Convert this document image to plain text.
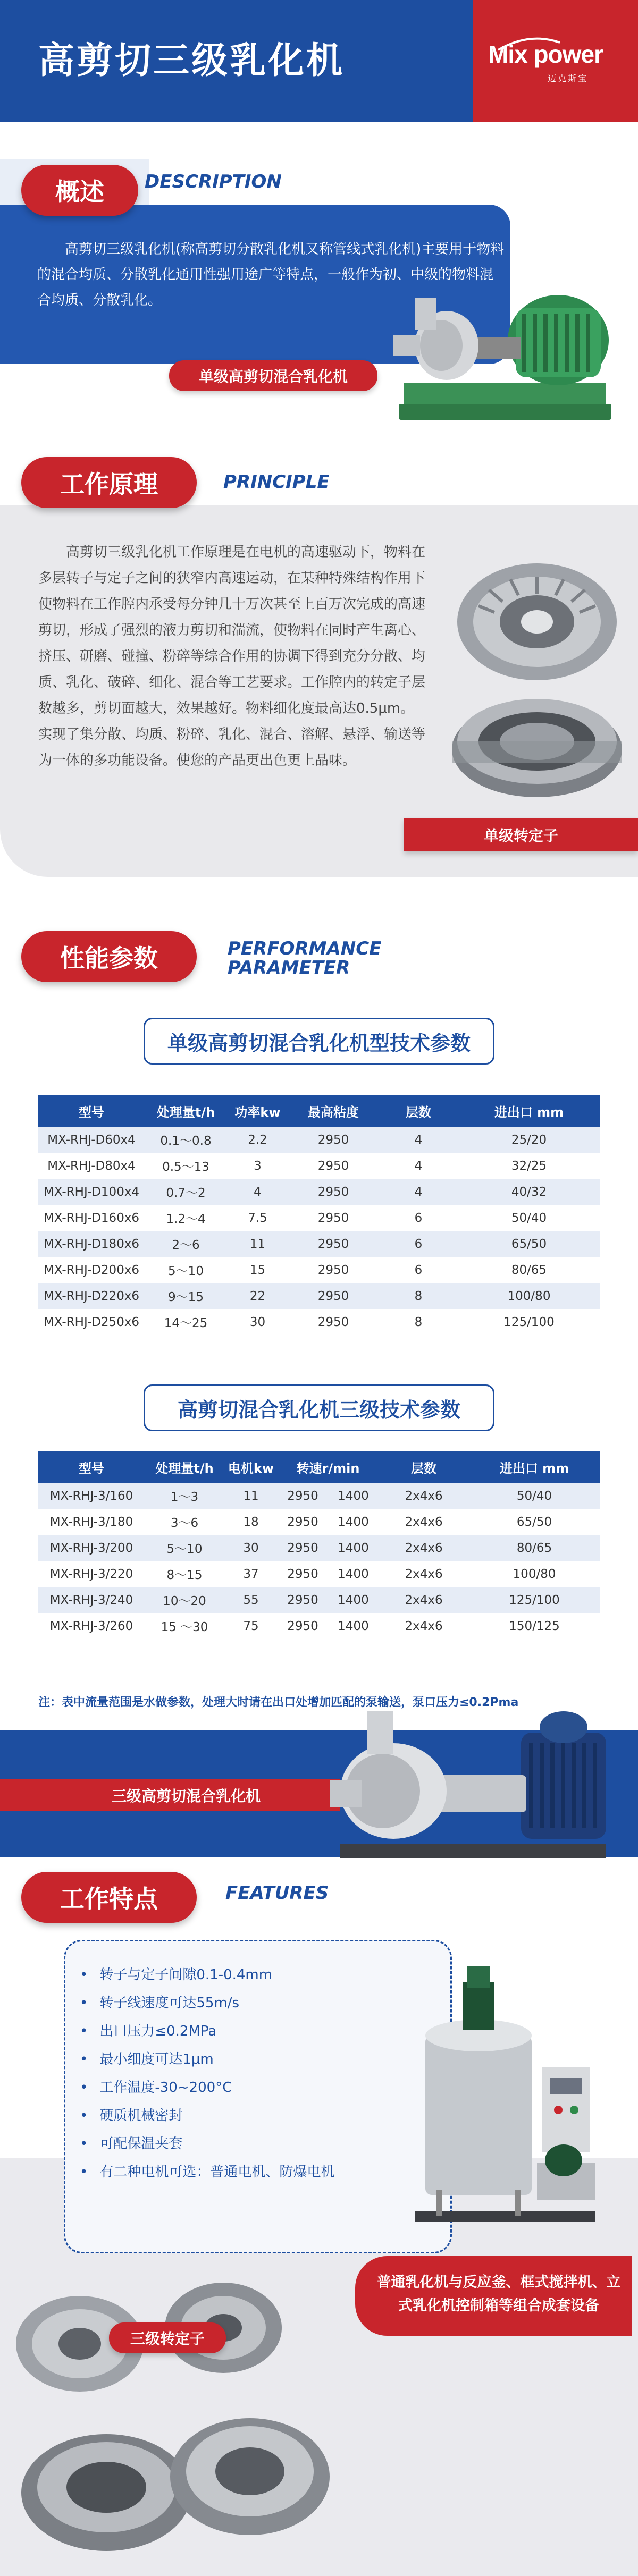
高剪切三级乳化机	Mix power
迈克斯宝
概述	DESCRIPTION
高剪切三级乳化机(称高剪切分散乳化机又称管线式乳化机)主要用于物料的混合均质、分散乳化通用性强用途广等特点，一般作为初、中级的物料混合均质、分散乳化。
单级高剪切混合乳化机
工作原理	PRINCIPLE
高剪切三级乳化机工作原理是在电机的高速驱动下，物料在多层转子与定子之间的狭窄内高速运动，在某种特殊结构作用下使物料在工作腔内承受每分钟几十万次甚至上百万次完成的高速剪切，形成了强烈的液力剪切和湍流，使物料在同时产生离心、挤压、研磨、碰撞、粉碎等综合作用的协调下得到充分分散、均质、乳化、破碎、细化、混合等工艺要求。工作腔内的转定子层数越多，剪切面越大，效果越好。物料细化度最高达0.5μm。实现了集分散、均质、粉碎、乳化、混合、溶解、悬浮、输送等为一体的多功能设备。使您的产品更出色更上品味。
单级转定子
性能参数	PERFORMANCE
PARAMETER
单级高剪切混合乳化机型技术参数
型号	处理量t/h	功率kw	最高粘度	层数	进出口 mm
MX-RHJ-D60x4	0.1～0.8	2.2	2950	4	25/20
MX-RHJ-D80x4	0.5～13	3	2950	4	32/25
MX-RHJ-D100x4	0.7～2	4	2950	4	40/32
MX-RHJ-D160x6	1.2～4	7.5	2950	6	50/40
MX-RHJ-D180x6	2～6	11	2950	6	65/50
MX-RHJ-D200x6	5～10	15	2950	6	80/65
MX-RHJ-D220x6	9～15	22	2950	8	100/80
MX-RHJ-D250x6	14～25	30	2950	8	125/100
高剪切混合乳化机三级技术参数
型号	处理量t/h	电机kw	转速r/min		层数	进出口 mm
MX-RHJ-3/160	1～3	11	2950	1400	2x4x6	50/40
MX-RHJ-3/180	3～6	18	2950	1400	2x4x6	65/50
MX-RHJ-3/200	5～10	30	2950	1400	2x4x6	80/65
MX-RHJ-3/220	8～15	37	2950	1400	2x4x6	100/80
MX-RHJ-3/240	10～20	55	2950	1400	2x4x6	125/100
MX-RHJ-3/260	15 ～30	75	2950	1400	2x4x6	150/125
注：表中流量范围是水做参数，处理大时请在出口处增加匹配的泵输送，泵口压力≤0.2Pma
三级高剪切混合乳化机
工作特点	FEATURES
• 转子与定子间隙0.1-0.4mm
• 转子线速度可达55m/s
• 出口压力≤0.2MPa
• 最小细度可达1μm
• 工作温度-30~200°C
• 硬质机械密封
• 可配保温夹套
• 有二种电机可选：普通电机、防爆电机
普通乳化机与反应釜、框式搅拌机、立式乳化机控制箱等组合成套设备
三级转定子
